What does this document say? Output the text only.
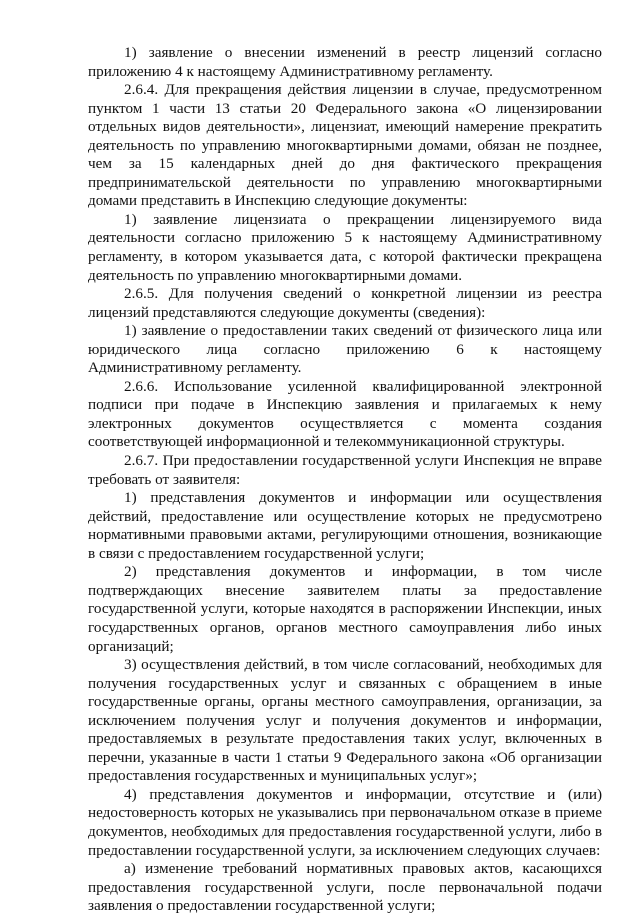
1) заявление о внесении изменений в реестр лицензий согласно приложению 4 к настоящему Административному регламенту.

2.6.4. Для прекращения действия лицензии в случае, предусмотренном пунктом 1 части 13 статьи 20 Федерального закона «О лицензировании отдельных видов деятельности», лицензиат, имеющий намерение прекратить деятельность по управлению многоквартирными домами, обязан не позднее, чем за 15 календарных дней до дня фактического прекращения предпринимательской деятельности по управлению многоквартирными домами представить в Инспекцию следующие документы:

1) заявление лицензиата о прекращении лицензируемого вида деятельности согласно приложению 5 к настоящему Административному регламенту, в котором указывается дата, с которой фактически прекращена деятельность по управлению многоквартирными домами.

2.6.5. Для получения сведений о конкретной лицензии из реестра лицензий представляются следующие документы (сведения):

1) заявление о предоставлении таких сведений от физического лица или юридического лица согласно приложению 6 к настоящему Административному регламенту.

2.6.6. Использование усиленной квалифицированной электронной подписи при подаче в Инспекцию заявления и прилагаемых к нему электронных документов осуществляется с момента создания соответствующей информационной и телекоммуникационной структуры.

2.6.7. При предоставлении государственной услуги Инспекция не вправе требовать от заявителя:

1) представления документов и информации или осуществления действий, предоставление или осуществление которых не предусмотрено нормативными правовыми актами, регулирующими отношения, возникающие в связи с предоставлением государственной услуги;

2) представления документов и информации, в том числе подтверждающих внесение заявителем платы за предоставление государственной услуги, которые находятся в распоряжении Инспекции, иных государственных органов, органов местного самоуправления либо иных организаций;

3) осуществления действий, в том числе согласований, необходимых для получения государственных услуг и связанных с обращением в иные государственные органы, органы местного самоуправления, организации, за исключением получения услуг и получения документов и информации, предоставляемых в результате предоставления таких услуг, включенных в перечни, указанные в части 1 статьи 9 Федерального закона «Об организации предоставления государственных и муниципальных услуг»;

4) представления документов и информации, отсутствие и (или) недостоверность которых не указывались при первоначальном отказе в приеме документов, необходимых для предоставления государственной услуги, либо в предоставлении государственной услуги, за исключением следующих случаев:

а) изменение требований нормативных правовых актов, касающихся предоставления государственной услуги, после первоначальной подачи заявления о предоставлении государственной услуги;
